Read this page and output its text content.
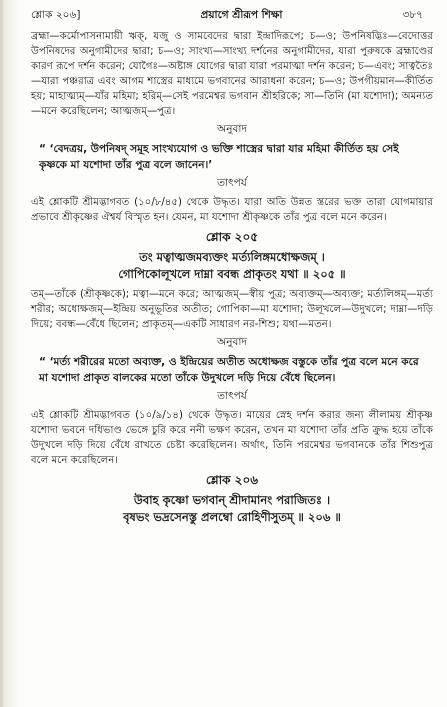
শ্লোক ২০৬]	প্রয়াগে শ্রীরূপ শিক্ষা	৩৮৭

ব্রহ্মা—কর্মোপাসনামায়ী ঋক্‌, যজু ও সামবেদের দ্বারা ইন্দ্রাদিরূপে; চ—ও; উপনিষদ্ভিঃ—বেদোত্তর উপনিষদের অনুগামীদের দ্বারা; চ—ও; সাংখ্য—সাংখ্য দর্শনের অনুগামীদের, যারা পুরুষকে ব্রহ্মাণ্ডের কারণ রূপে দর্শন করেন; যোগৈঃ—অষ্টাঙ্গ যোগের দ্বারা যারা পরমাত্মা দর্শন করেন; চ—এবং; সাত্বতৈঃ—যারা পঞ্চরাত্র এবং আগম শাস্ত্রের মাধ্যমে ভগবানের আরাধনা করেন; চ—ও; উপগীয়মান—কীর্তিত হয়; মাহাত্ম্যম্‌—যাঁর মহিমা; হরিম্‌—সেই পরমেশ্বর ভগবান শ্রীহরিকে; সা—তিনি (মা যশোদা); অমন্যত—মনে করেছিলেন; আত্মজম্‌—পুত্র।

অনুবাদ

“ ‘বেদত্রয়, উপনিষদ্‌ সমূহ সাংখ্যযোগ ও ভক্তি শাস্ত্রের দ্বারা যার মহিমা কীর্তিত হয় সেই কৃষ্ণকে মা যশোদা তাঁর পুত্র বলে জানেন।’

তাৎপর্য

এই শ্লোকটি শ্রীমদ্ভাগবত (১০/৮/৪৫) থেকে উদ্ধৃত। যারা অতি উন্নত স্তরের ভক্ত তারা যোগমায়ার প্রভাবে শ্রীকৃষ্ণের ঐশ্বর্য বিস্মৃত হন। যেমন, মা যশোদা শ্রীকৃষ্ণকে তাঁর পুত্র বলে মনে করেন।

শ্লোক ২০৫

তং মত্বাত্মজমব্যক্তং মর্ত্যলিঙ্গমধোক্ষজম্‌ ।

গোপিকোলূখলে দাম্না ববন্ধ প্রাকৃতং যথা ॥ ২০৫ ॥

তম্‌—তাঁকে (শ্রীকৃষ্ণকে); মত্বা—মনে করে; আত্মজম্‌—স্বীয় পুত্র; অব্যক্তম্‌—অব্যক্ত; মর্ত্যলিঙ্গম্‌—মর্ত্য শরীর; অধোক্ষজম্‌—ইন্দ্রিয় অনুভূতির অতীত; গোপিকা—মা যশোদা; উলূখলে—উদুখলে; দাম্না—দড়ি দিয়ে; ববন্ধ—বেঁধে ছিলেন; প্রাকৃতম্‌—একটি সাধারণ নর-শিশু; যথা—মতন।

অনুবাদ

“ ‘মর্ত্য শরীরের মতো অব্যক্ত, ও ইন্দ্রিয়ের অতীত অধোক্ষজ বস্তুকে তাঁর পুত্র বলে মনে করে মা যশোদা প্রাকৃত বালকের মতো তাঁকে উদুখলে দড়ি দিয়ে বেঁধে ছিলেন।

তাৎপর্য

এই শ্লোকটি শ্রীমদ্ভাগবত (১০/৯/১৪) থেকে উদ্ধৃত। মায়ের স্নেহ দর্শন করার জন্য লীলাময় শ্রীকৃষ্ণ যশোদা ভবনে দধিভাণ্ড ভেঙ্গে চুরি করে ননী ভক্ষণ করেন, তখন মা যশোদা তাঁর প্রতি ক্রুদ্ধ হয়ে তাঁকে উদুখলে দড়ি দিয়ে বেঁধে রাখতে চেষ্টা করেছিলেন। অর্থাৎ, তিনি পরমেশ্বর ভগবানকে তাঁর শিশুপুত্র বলে মনে করেছিলেন।

শ্লোক ২০৬

উবাহ কৃষ্ণো ভগবান্‌ শ্রীদামানং পরাজিতঃ ।

বৃষভং ভদ্রসেনস্তু প্রলম্বো রোহিণীসুতম্‌ ॥ ২০৬ ॥
